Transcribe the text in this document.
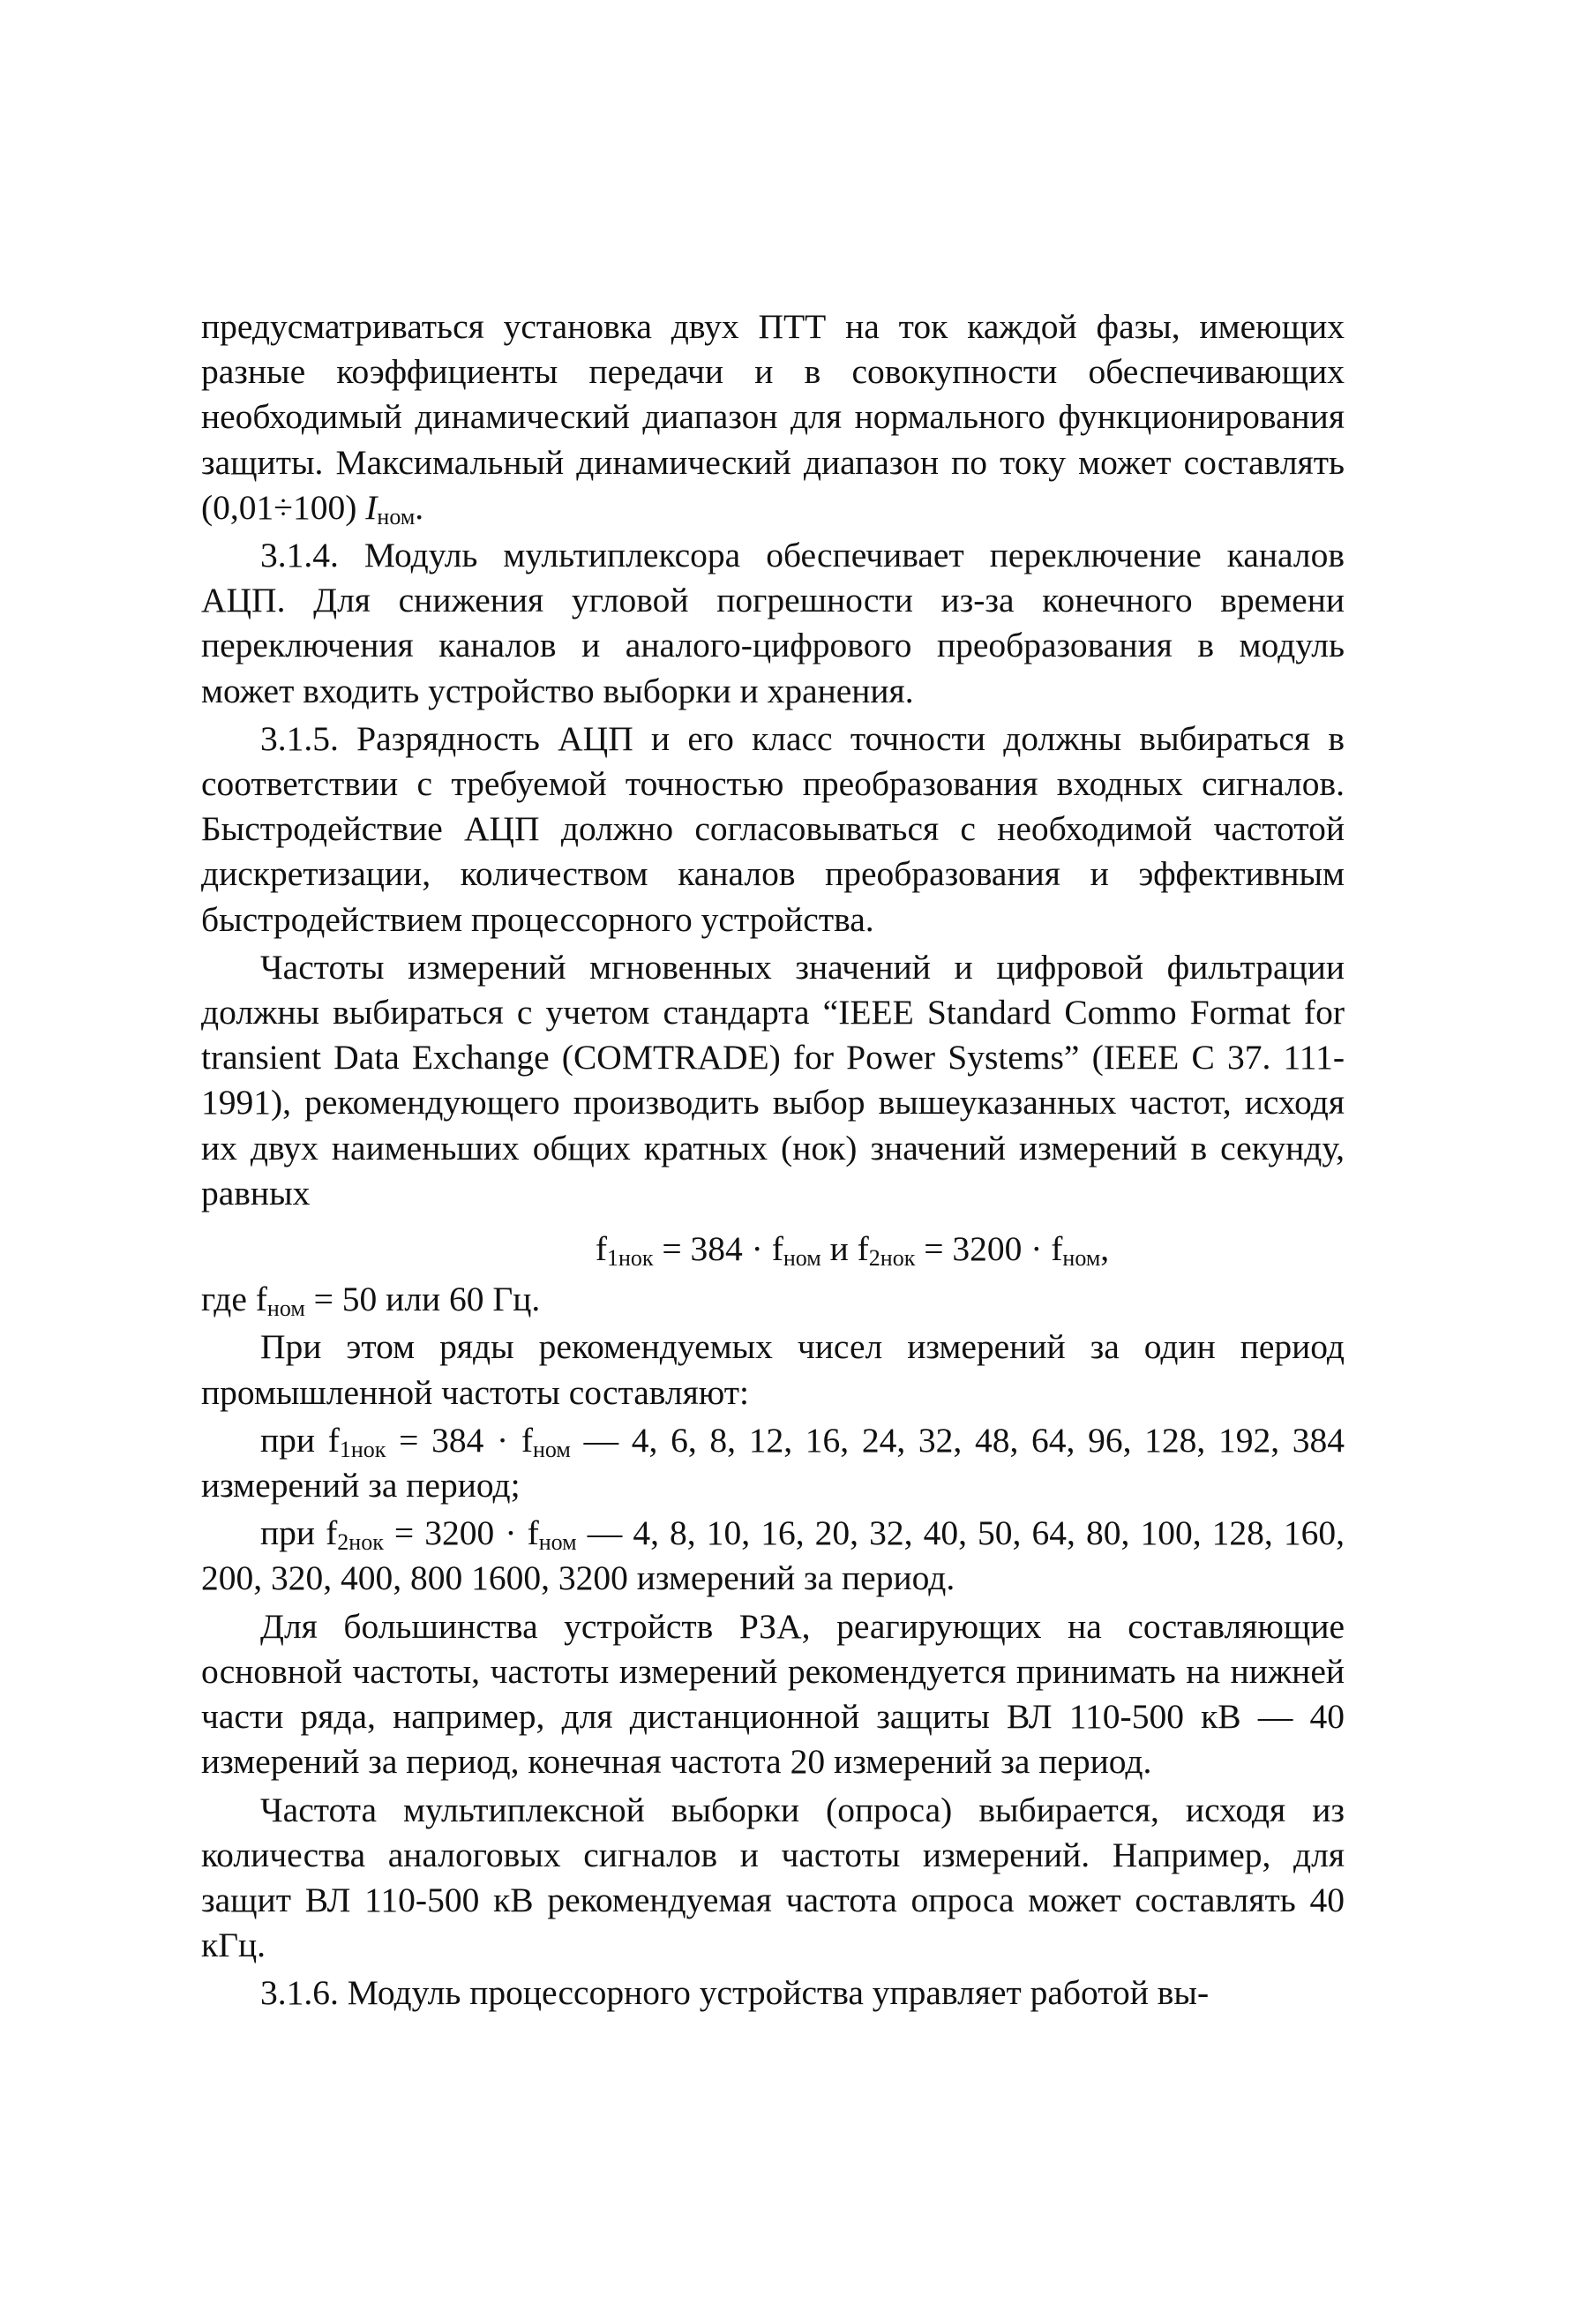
предусматриваться установка двух ПТТ на ток каждой фазы, имеющих разные коэффициенты передачи и в совокупности обеспечивающих необходимый динамический диапазон для нормального функционирования защиты. Максимальный динамический диапазон по току может составлять (0,01÷100) $I_{ном}$.

3.1.4. Модуль мультиплексора обеспечивает переключение каналов АЦП. Для снижения угловой погрешности из-за конечного времени переключения каналов и аналого-цифрового преобразования в модуль может входить устройство выборки и хранения.

3.1.5. Разрядность АЦП и его класс точности должны выбираться в соответствии с требуемой точностью преобразования входных сигналов. Быстродействие АЦП должно согласовываться с необходимой частотой дискретизации, количеством каналов преобразования и эффективным быстродействием процессорного устройства.

Частоты измерений мгновенных значений и цифровой фильтрации должны выбираться с учетом стандарта “IEEE Standard Commo Format for transient Data Exchange (COMTRADE) for Power Systems” (IEEE C 37. 111-1991), рекомендующего производить выбор вышеуказанных частот, исходя их двух наименьших общих кратных (нок) значений измерений в секунду, равных

$f_{1нок} = 384 \cdot f_{ном}$ и $f_{2нок} = 3200 \cdot f_{ном}$,

где $f_{ном} = 50$ или 60 Гц.

При этом ряды рекомендуемых чисел измерений за один период промышленной частоты составляют:

при $f_{1нок} = 384 \cdot f_{ном}$ — 4, 6, 8, 12, 16, 24, 32, 48, 64, 96, 128, 192, 384 измерений за период;

при $f_{2нок} = 3200 \cdot f_{ном}$ — 4, 8, 10, 16, 20, 32, 40, 50, 64, 80, 100, 128, 160, 200, 320, 400, 800 1600, 3200 измерений за период.

Для большинства устройств РЗА, реагирующих на составляющие основной частоты, частоты измерений рекомендуется принимать на нижней части ряда, например, для дистанционной защиты ВЛ 110-500 кВ — 40 измерений за период, конечная частота 20 измерений за период.

Частота мультиплексной выборки (опроса) выбирается, исходя из количества аналоговых сигналов и частоты измерений. Например, для защит ВЛ 110-500 кВ рекомендуемая частота опроса может составлять 40 кГц.

3.1.6. Модуль процессорного устройства управляет работой вы-
